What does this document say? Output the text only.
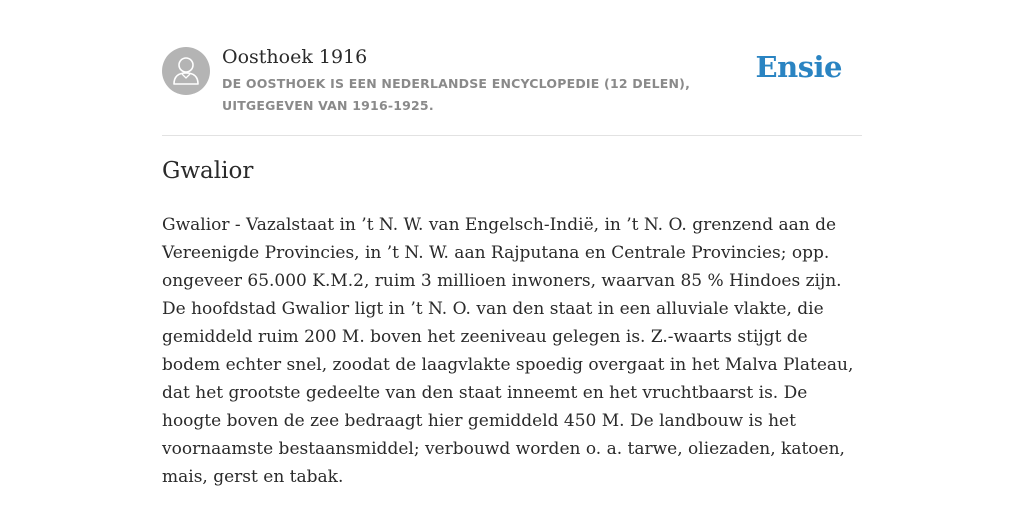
Oosthoek 1916
DE OOSTHOEK IS EEN NEDERLANDSE ENCYCLOPEDIE (12 DELEN), UITGEGEVEN VAN 1916-1925.
Ensie
Gwalior

Gwalior - Vazalstaat in ’t N. W. van Engelsch-Indië, in ’t N. O. grenzend aan de Vereenigde Provincies, in ’t N. W. aan Rajputana en Centrale Provincies; opp. ongeveer 65.000 K.M.2, ruim 3 millioen inwoners, waarvan 85 % Hindoes zijn. De hoofdstad Gwalior ligt in ’t N. O. van den staat in een alluviale vlakte, die gemiddeld ruim 200 M. boven het zeeniveau gelegen is. Z.-waarts stijgt de bodem echter snel, zoodat de laagvlakte spoedig overgaat in het Malva Plateau, dat het grootste gedeelte van den staat inneemt en het vruchtbaarst is. De hoogte boven de zee bedraagt hier gemiddeld 450 M. De landbouw is het voornaamste bestaansmiddel; verbouwd worden o. a. tarwe, oliezaden, katoen, mais, gerst en tabak.
